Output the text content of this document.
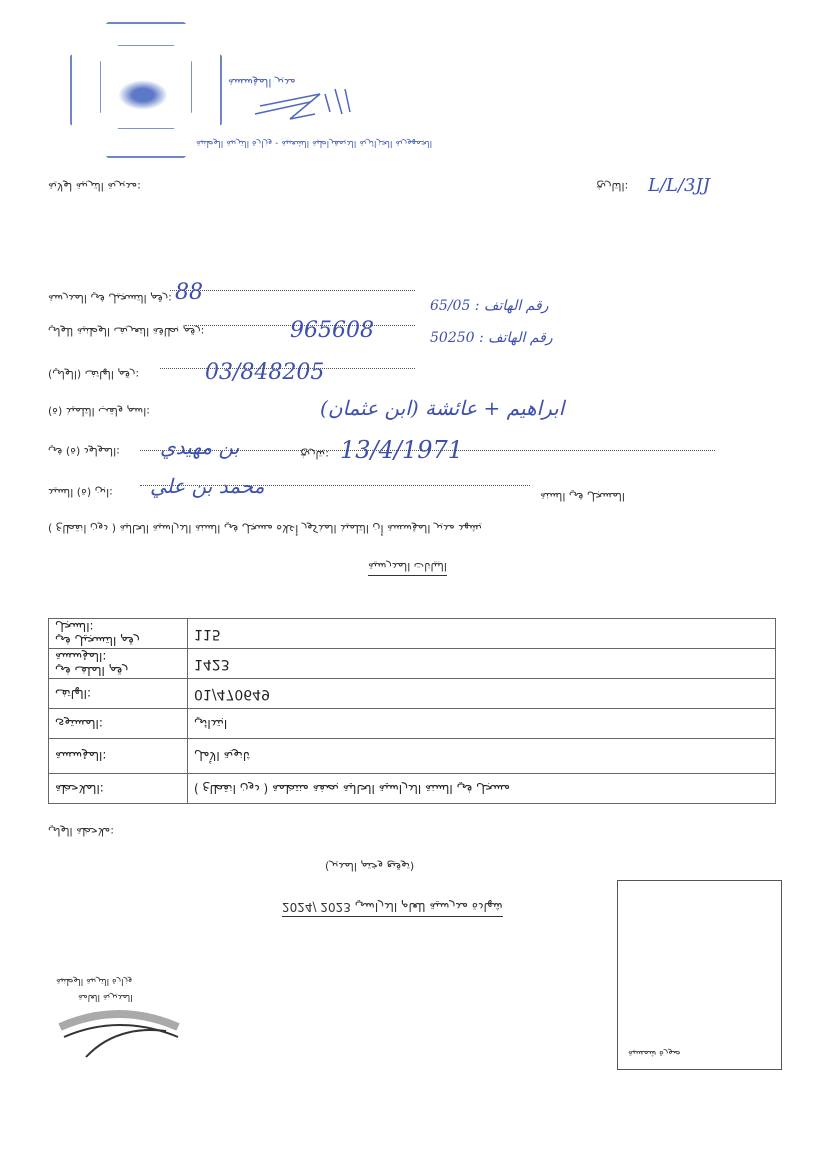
مدير المؤسسة
الجمهورية الجزائرية الديمقراطية الشعبية - وزارة التربية الوطنية
مديرية التربية لولاية:	التاريخ: L/L/3JJ
رقم التسجيل في المدرسة: 88
رقم بطاقة التعريف الوطنية للولي:	965608
65/05 : رقم الهاتف
50250 : رقم الهاتف
رقم الهاتف (الولي):	03/848205
اسم ولقب التلميذ (ة):	(ابن عثمان) ابراهيم + عائشة
المولود (ة) في: بن مهيدي	بتاريخ: 13/4/1971
ابن (ة) السيد: محمد بن علي	المسجل في السنة
يشهد مدير المؤسسة أن التلميذ المذكور أعلاه مسجل في السنة الدراسية الحالية ( دون انقطاع )
البيانات المدرسية
رقم التسجيل في السجل:	115
رقم الملف في المؤسسة:	1423
الهاتف:	01/470649
المستوى:	ابتدائي
المؤسسة:	ثانوية الأمل
الملاحظة:	مسجل في السنة الدراسية الحالية بصفة منتظمة ( دون انقطاع )
ملاحظة الولي:
(توقيع وختم المدير)
شهادة مدرسية للعام الدراسي 2023 /2024
صورة شمسية
وزارة التربية الوطنية
المديرية العامة
